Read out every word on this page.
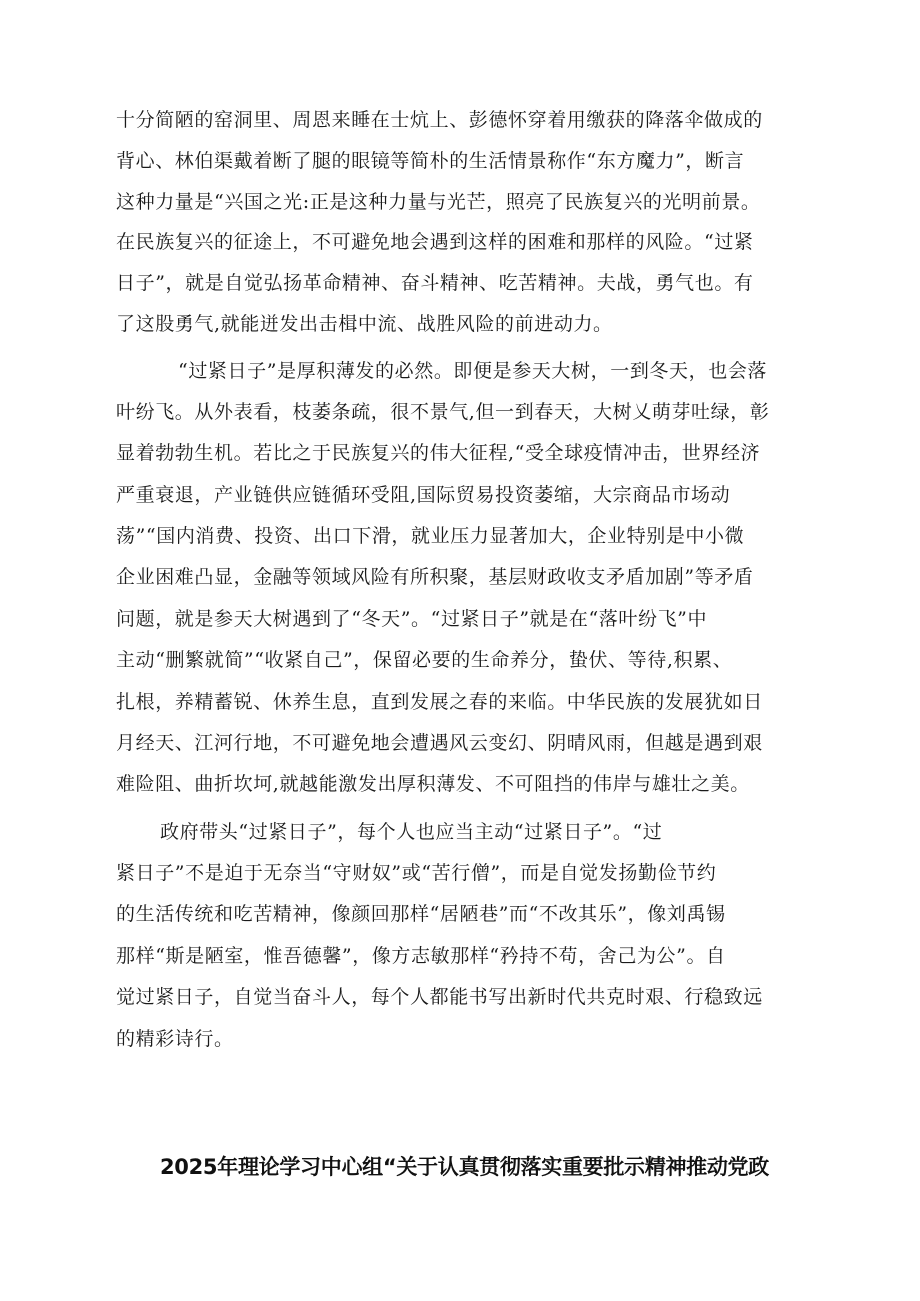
十分简陋的窑洞里、周恩来睡在士炕上、彭德怀穿着用缴获的降落伞做成的
背心、林伯渠戴着断了腿的眼镜等简朴的生活情景称作“东方魔力”，断言
这种力量是“兴国之光:正是这种力量与光芒，照亮了民族复兴的光明前景。
在民族复兴的征途上，不可避免地会遇到这样的困难和那样的风险。“过紧
日子”，就是自觉弘扬革命精神、奋斗精神、吃苦精神。夫战，勇气也。有
了这股勇气,就能迸发出击楫中流、战胜风险的前进动力。
“过紧日子”是厚积薄发的必然。即便是参天大树，一到冬天，也会落
叶纷飞。从外表看，枝萎条疏，很不景气,但一到春天，大树乂萌芽吐绿，彰
显着勃勃生机。若比之于民族复兴的伟大征程,“受全球疫情冲击，世界经济
严重衰退，产业链供应链循环受阻,国际贸易投资萎缩，大宗商品市场动
荡”“国内消费、投资、出口下滑，就业压力显著加大，企业特别是中小微
企业困难凸显，金融等领域风险有所积聚，基层财政收支矛盾加剧”等矛盾
问题，就是参天大树遇到了“冬天”。“过紧日子”就是在“落叶纷飞”中
主动“删繁就简”“收紧自己”，保留必要的生命养分，蛰伏、等待,积累、
扎根，养精蓄锐、休养生息，直到发展之春的来临。中华民族的发展犹如日
月经天、江河行地，不可避免地会遭遇风云变幻、阴晴风雨，但越是遇到艰
难险阻、曲折坎坷,就越能激发出厚积薄发、不可阻挡的伟岸与雄壮之美。
政府带头“过紧日子”，每个人也应当主动“过紧日子”。“过
紧日子”不是迫于无奈当“守财奴”或“苦行僧”，而是自觉发扬勤俭节约
的生活传统和吃苦精神，像颜回那样“居陋巷”而“不改其乐”，像刘禹锡
那样“斯是陋室，惟吾德馨”，像方志敏那样“矜持不苟，舍己为公”。自
觉过紧日子，自觉当奋斗人，每个人都能书写出新时代共克时艰、行稳致远
的精彩诗行。
2025年理论学习中心组“关于认真贯彻落实重要批示精神推动党政
